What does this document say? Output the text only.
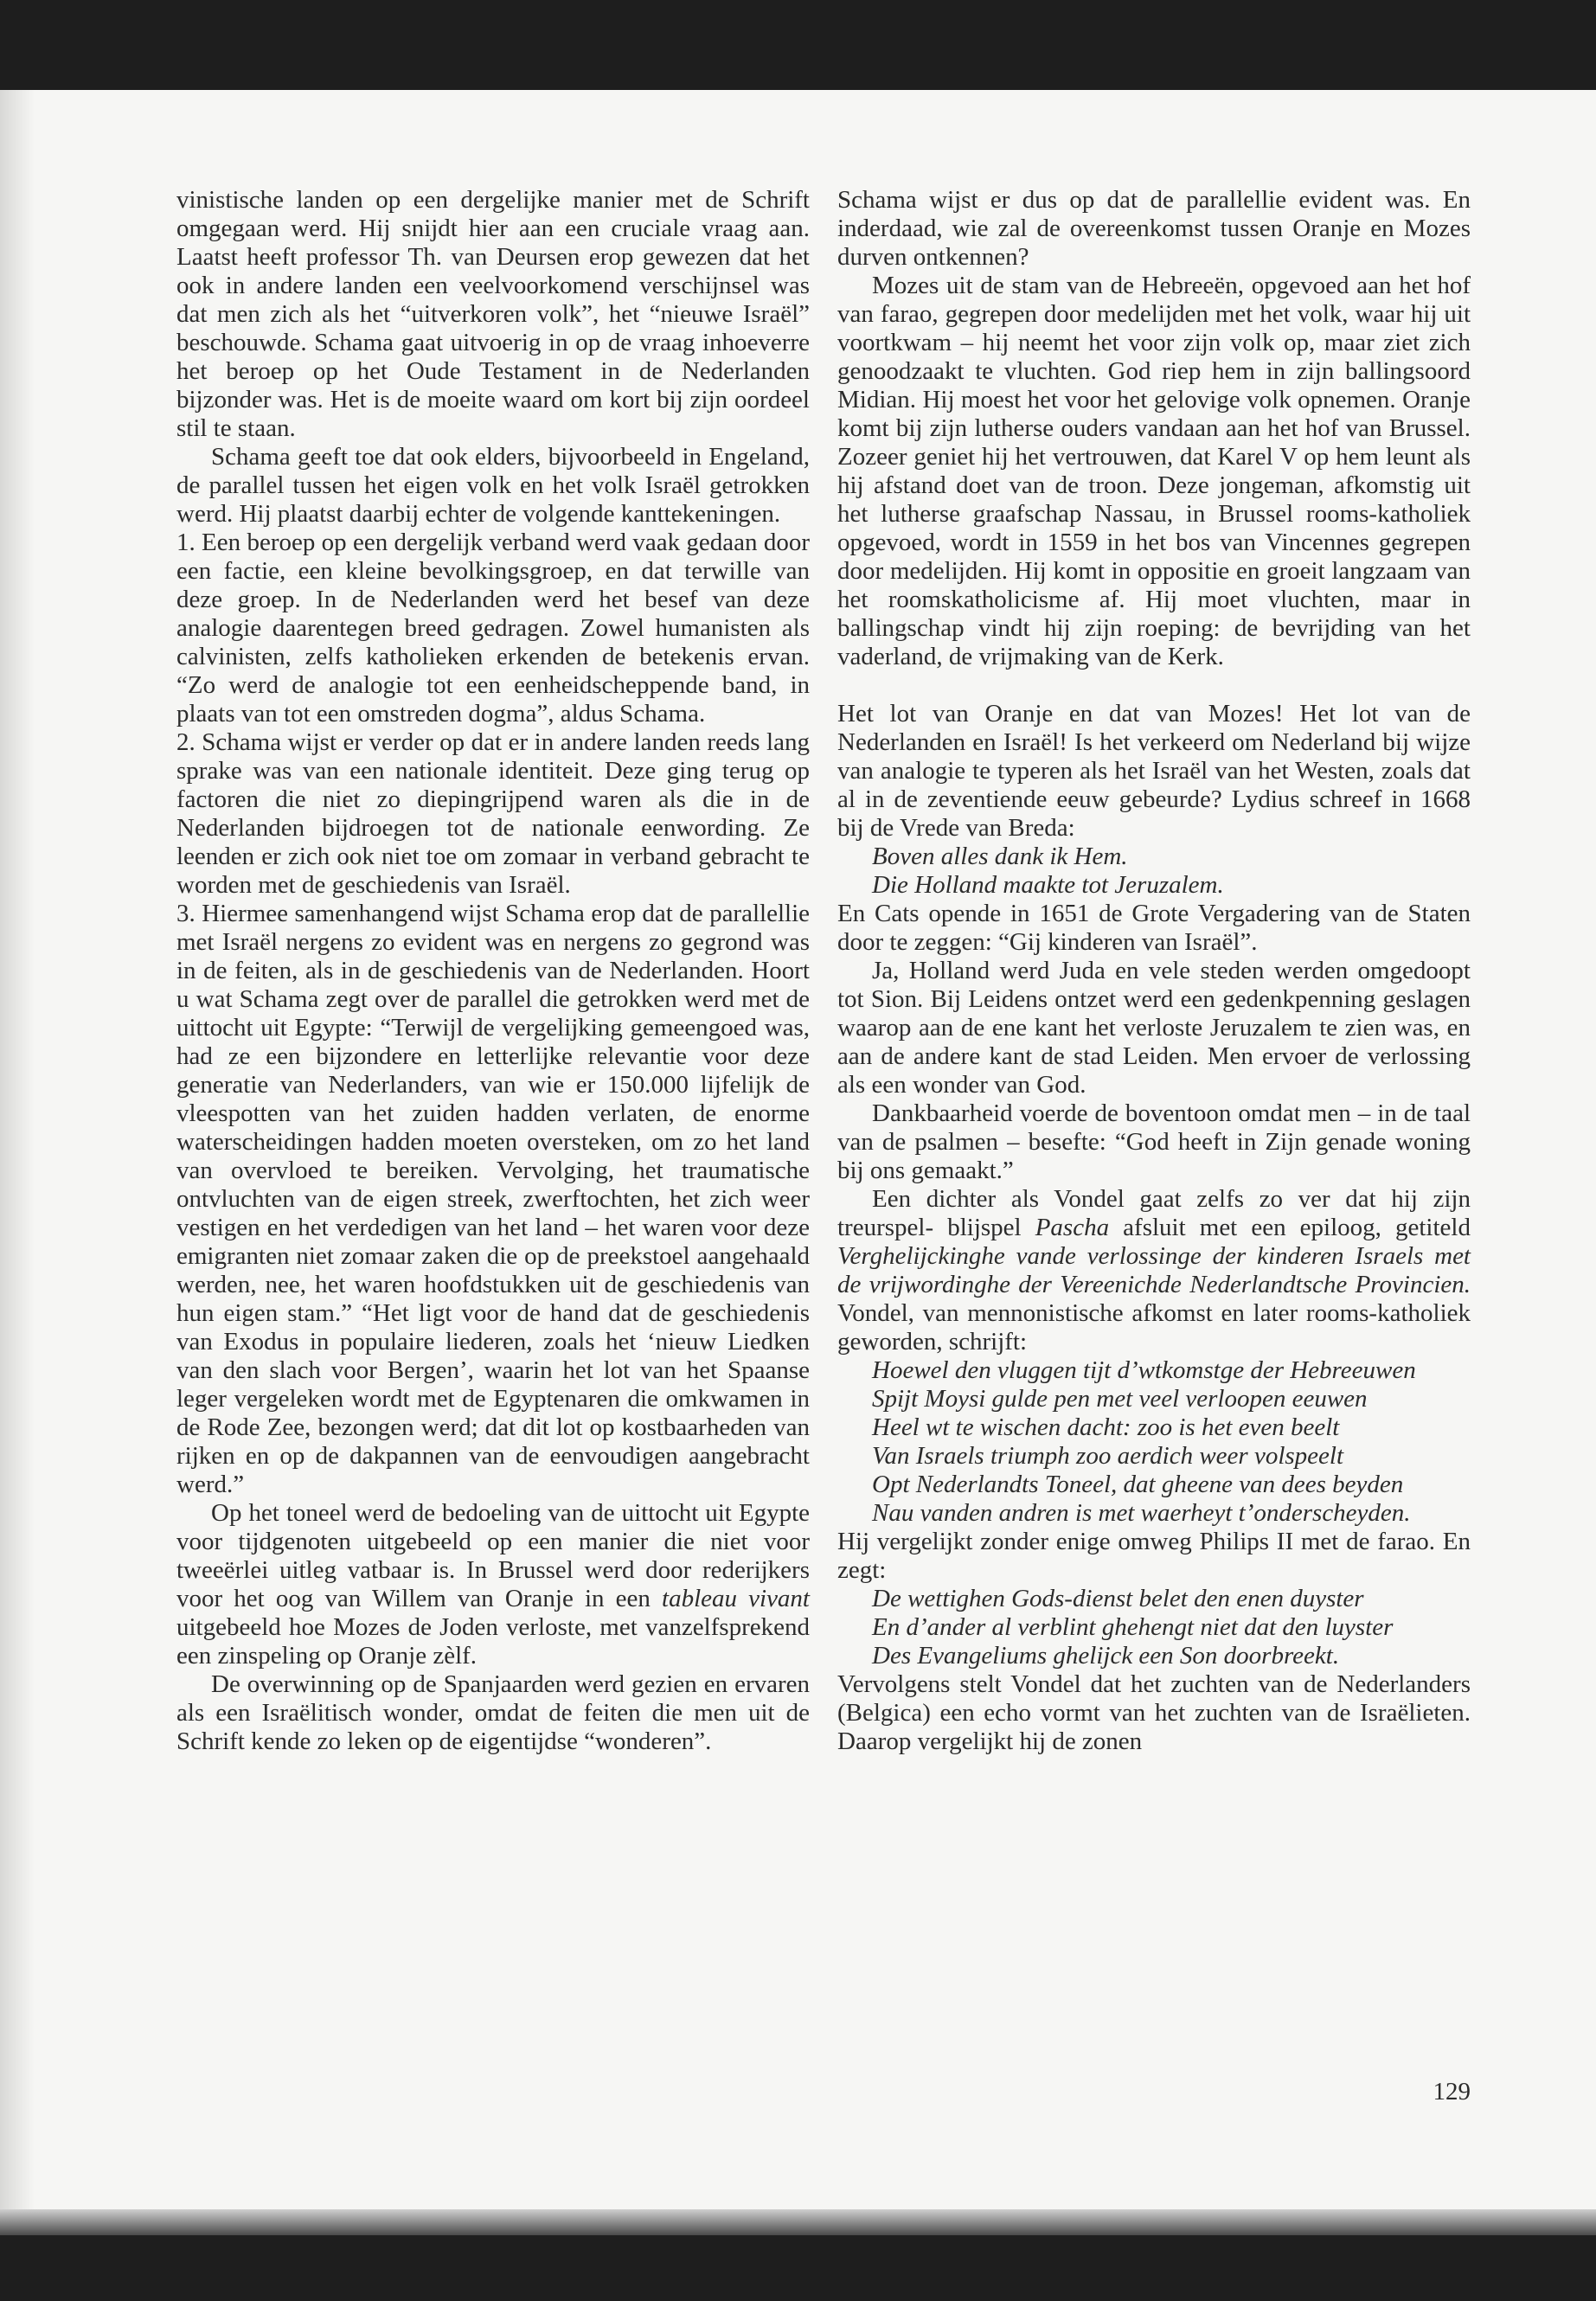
vinistische landen op een dergelijke manier met de Schrift omgegaan werd. Hij snijdt hier aan een cruciale vraag aan. Laatst heeft professor Th. van Deursen erop gewezen dat het ook in andere landen een veelvoorkomend verschijnsel was dat men zich als het “uitverkoren volk”, het “nieuwe Israël” beschouwde. Schama gaat uitvoerig in op de vraag inhoeverre het beroep op het Oude Testament in de Nederlanden bijzonder was. Het is de moeite waard om kort bij zijn oordeel stil te staan.

Schama geeft toe dat ook elders, bijvoorbeeld in Engeland, de parallel tussen het eigen volk en het volk Israël getrokken werd. Hij plaatst daarbij echter de volgende kanttekeningen.

1. Een beroep op een dergelijk verband werd vaak gedaan door een factie, een kleine bevolkingsgroep, en dat terwille van deze groep. In de Nederlanden werd het besef van deze analogie daarentegen breed gedragen. Zowel humanisten als calvinisten, zelfs katholieken erkenden de betekenis ervan. “Zo werd de analogie tot een eenheidscheppende band, in plaats van tot een omstreden dogma”, aldus Schama.

2. Schama wijst er verder op dat er in andere landen reeds lang sprake was van een nationale identiteit. Deze ging terug op factoren die niet zo diepingrijpend waren als die in de Nederlanden bijdroegen tot de nationale eenwording. Ze leenden er zich ook niet toe om zomaar in verband gebracht te worden met de geschiedenis van Israël.

3. Hiermee samenhangend wijst Schama erop dat de parallellie met Israël nergens zo evident was en nergens zo gegrond was in de feiten, als in de geschiedenis van de Nederlanden. Hoort u wat Schama zegt over de parallel die getrokken werd met de uittocht uit Egypte: “Terwijl de vergelijking gemeengoed was, had ze een bijzondere en letterlijke relevantie voor deze generatie van Nederlanders, van wie er 150.000 lijfelijk de vleespotten van het zuiden hadden verlaten, de enorme waterscheidingen hadden moeten oversteken, om zo het land van overvloed te bereiken. Vervolging, het traumatische ontvluchten van de eigen streek, zwerftochten, het zich weer vestigen en het verdedigen van het land – het waren voor deze emigranten niet zomaar zaken die op de preekstoel aangehaald werden, nee, het waren hoofdstukken uit de geschiedenis van hun eigen stam.” “Het ligt voor de hand dat de geschiedenis van Exodus in populaire liederen, zoals het ‘nieuw Liedken van den slach voor Bergen’, waarin het lot van het Spaanse leger vergeleken wordt met de Egyptenaren die omkwamen in de Rode Zee, bezongen werd; dat dit lot op kostbaarheden van rijken en op de dakpannen van de eenvoudigen aangebracht werd.”

Op het toneel werd de bedoeling van de uittocht uit Egypte voor tijdgenoten uitgebeeld op een manier die niet voor tweeërlei uitleg vatbaar is. In Brussel werd door rederijkers voor het oog van Willem van Oranje in een tableau vivant uitgebeeld hoe Mozes de Joden verloste, met vanzelfsprekend een zinspeling op Oranje zèlf.

De overwinning op de Spanjaarden werd gezien en ervaren als een Israëlitisch wonder, omdat de feiten die men uit de Schrift kende zo leken op de eigentijdse “wonderen”.

Schama wijst er dus op dat de parallellie evident was. En inderdaad, wie zal de overeenkomst tussen Oranje en Mozes durven ontkennen?

Mozes uit de stam van de Hebreeën, opgevoed aan het hof van farao, gegrepen door medelijden met het volk, waar hij uit voortkwam – hij neemt het voor zijn volk op, maar ziet zich genoodzaakt te vluchten. God riep hem in zijn ballingsoord Midian. Hij moest het voor het gelovige volk opnemen. Oranje komt bij zijn lutherse ouders vandaan aan het hof van Brussel. Zozeer geniet hij het vertrouwen, dat Karel V op hem leunt als hij afstand doet van de troon. Deze jongeman, afkomstig uit het lutherse graafschap Nassau, in Brussel rooms-katholiek opgevoed, wordt in 1559 in het bos van Vincennes gegrepen door medelijden. Hij komt in oppositie en groeit langzaam van het roomskatholicisme af. Hij moet vluchten, maar in ballingschap vindt hij zijn roeping: de bevrijding van het vaderland, de vrijmaking van de Kerk.

Het lot van Oranje en dat van Mozes! Het lot van de Nederlanden en Israël! Is het verkeerd om Nederland bij wijze van analogie te typeren als het Israël van het Westen, zoals dat al in de zeventiende eeuw gebeurde? Lydius schreef in 1668 bij de Vrede van Breda:

Boven alles dank ik Hem.

Die Holland maakte tot Jeruzalem.

En Cats opende in 1651 de Grote Vergadering van de Staten door te zeggen: “Gij kinderen van Israël”.

Ja, Holland werd Juda en vele steden werden omgedoopt tot Sion. Bij Leidens ontzet werd een gedenkpenning geslagen waarop aan de ene kant het verloste Jeruzalem te zien was, en aan de andere kant de stad Leiden. Men ervoer de verlossing als een wonder van God.

Dankbaarheid voerde de boventoon omdat men – in de taal van de psalmen – besefte: “God heeft in Zijn genade woning bij ons gemaakt.”

Een dichter als Vondel gaat zelfs zo ver dat hij zijn treurspel- blijspel Pascha afsluit met een epiloog, getiteld Verghelijckinghe vande verlossinge der kinderen Israels met de vrijwordinghe der Vereenichde Nederlandtsche Provincien. Vondel, van mennonistische afkomst en later rooms-katholiek geworden, schrijft:

Hoewel den vluggen tijt d’wtkomstge der Hebreeuwen

Spijt Moysi gulde pen met veel verloopen eeuwen

Heel wt te wischen dacht: zoo is het even beelt

Van Israels triumph zoo aerdich weer volspeelt

Opt Nederlandts Toneel, dat gheene van dees beyden

Nau vanden andren is met waerheyt t’onderscheyden.

Hij vergelijkt zonder enige omweg Philips II met de farao. En zegt:

De wettighen Gods-dienst belet den enen duyster

En d’ander al verblint ghehengt niet dat den luyster

Des Evangeliums ghelijck een Son doorbreekt.

Vervolgens stelt Vondel dat het zuchten van de Nederlanders (Belgica) een echo vormt van het zuchten van de Israëlieten. Daarop vergelijkt hij de zonen

129
